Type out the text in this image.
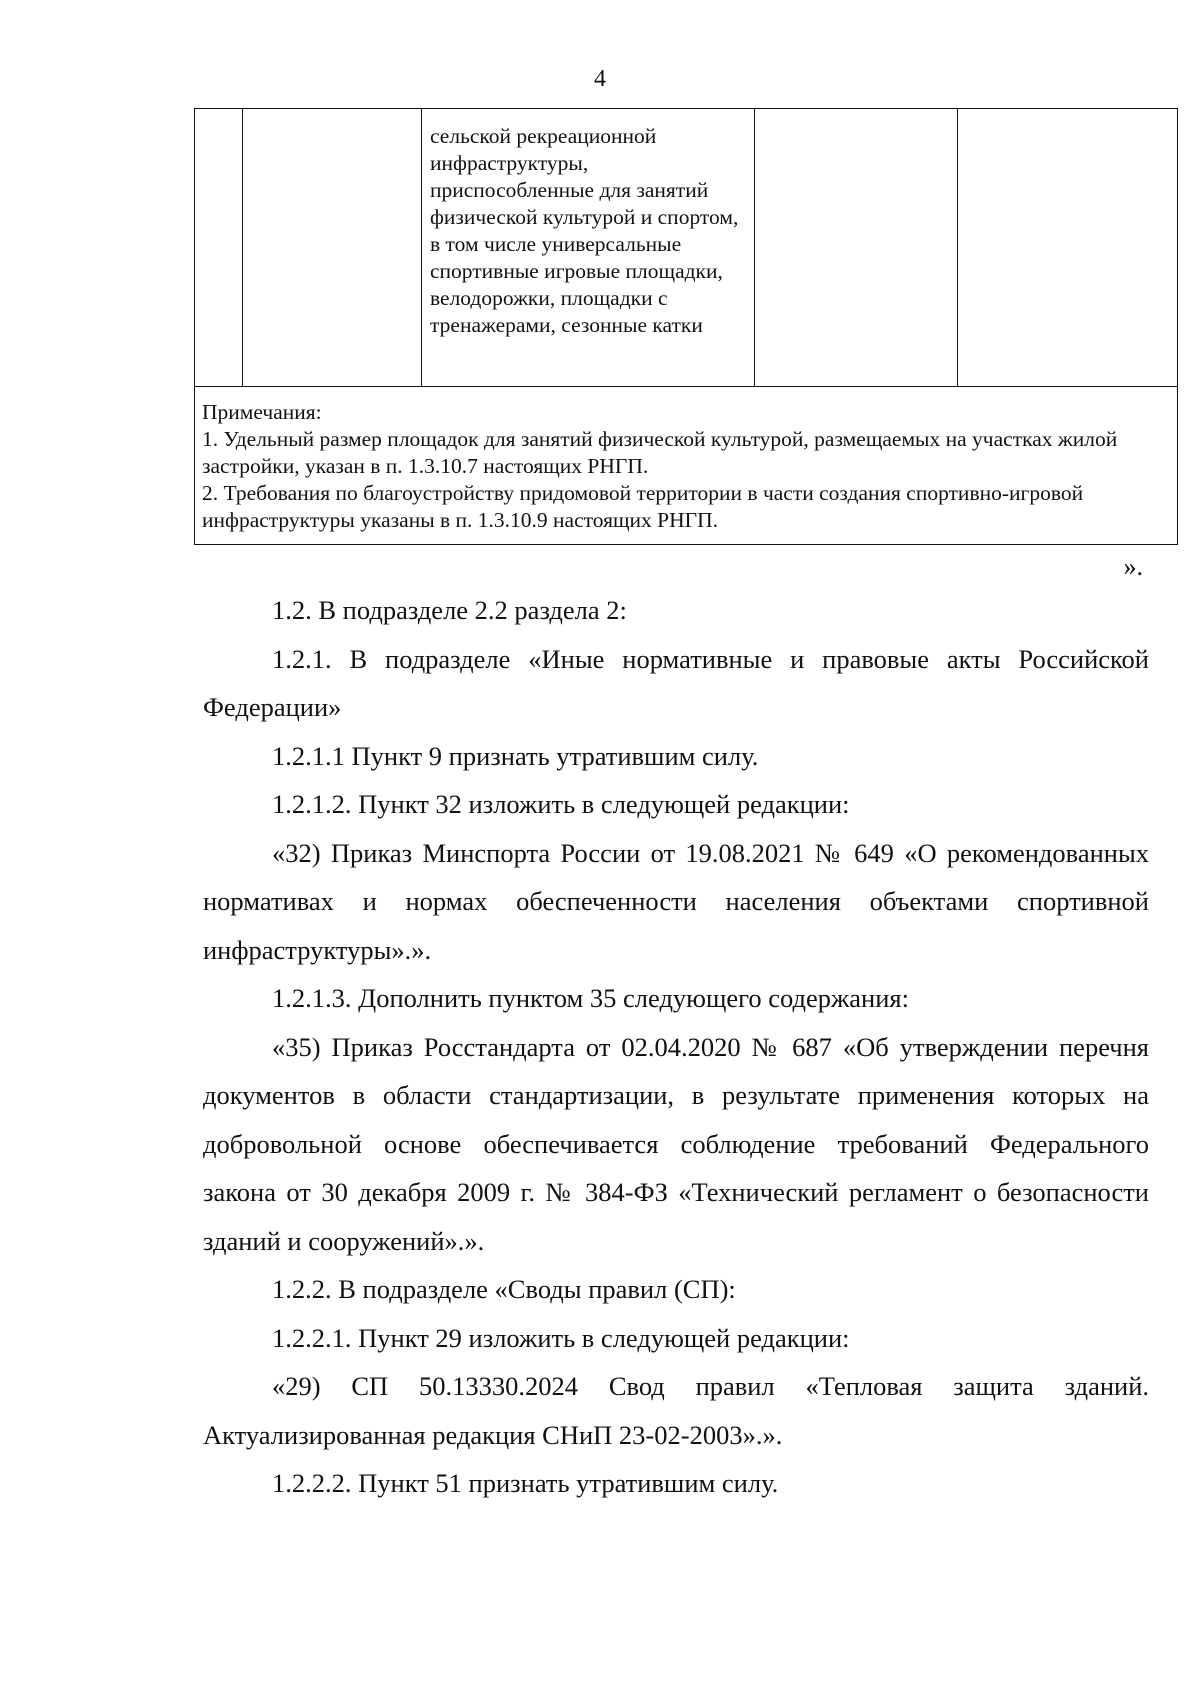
4
		сельской рекреационной инфраструктуры, приспособленные для занятий физической культурой и спортом, в том числе универсальные спортивные игровые площадки, велодорожки, площадки с тренажерами, сезонные катки		

Примечания:
1. Удельный размер площадок для занятий физической культурой, размещаемых на участках жилой застройки, указан в п. 1.3.10.7 настоящих РНГП.
2. Требования по благоустройству придомовой территории в части создания спортивно-игровой инфраструктуры указаны в п. 1.3.10.9 настоящих РНГП.
».

1.2. В подразделе 2.2 раздела 2:

1.2.1. В подразделе «Иные нормативные и правовые акты Российской Федерации»

1.2.1.1 Пункт 9 признать утратившим силу.

1.2.1.2. Пункт 32 изложить в следующей редакции:

«32) Приказ Минспорта России от 19.08.2021 № 649 «О рекомендованных нормативах и нормах обеспеченности населения объектами спортивной инфраструктуры».».

1.2.1.3. Дополнить пунктом 35 следующего содержания:

«35) Приказ Росстандарта от 02.04.2020 № 687 «Об утверждении перечня документов в области стандартизации, в результате применения которых на добровольной основе обеспечивается соблюдение требований Федерального закона от 30 декабря 2009 г. № 384-ФЗ «Технический регламент о безопасности зданий и сооружений».».

1.2.2. В подразделе «Своды правил (СП):

1.2.2.1. Пункт 29 изложить в следующей редакции:

«29) СП 50.13330.2024 Свод правил «Тепловая защита зданий. Актуализированная редакция СНиП 23-02-2003».».

1.2.2.2. Пункт 51 признать утратившим силу.
